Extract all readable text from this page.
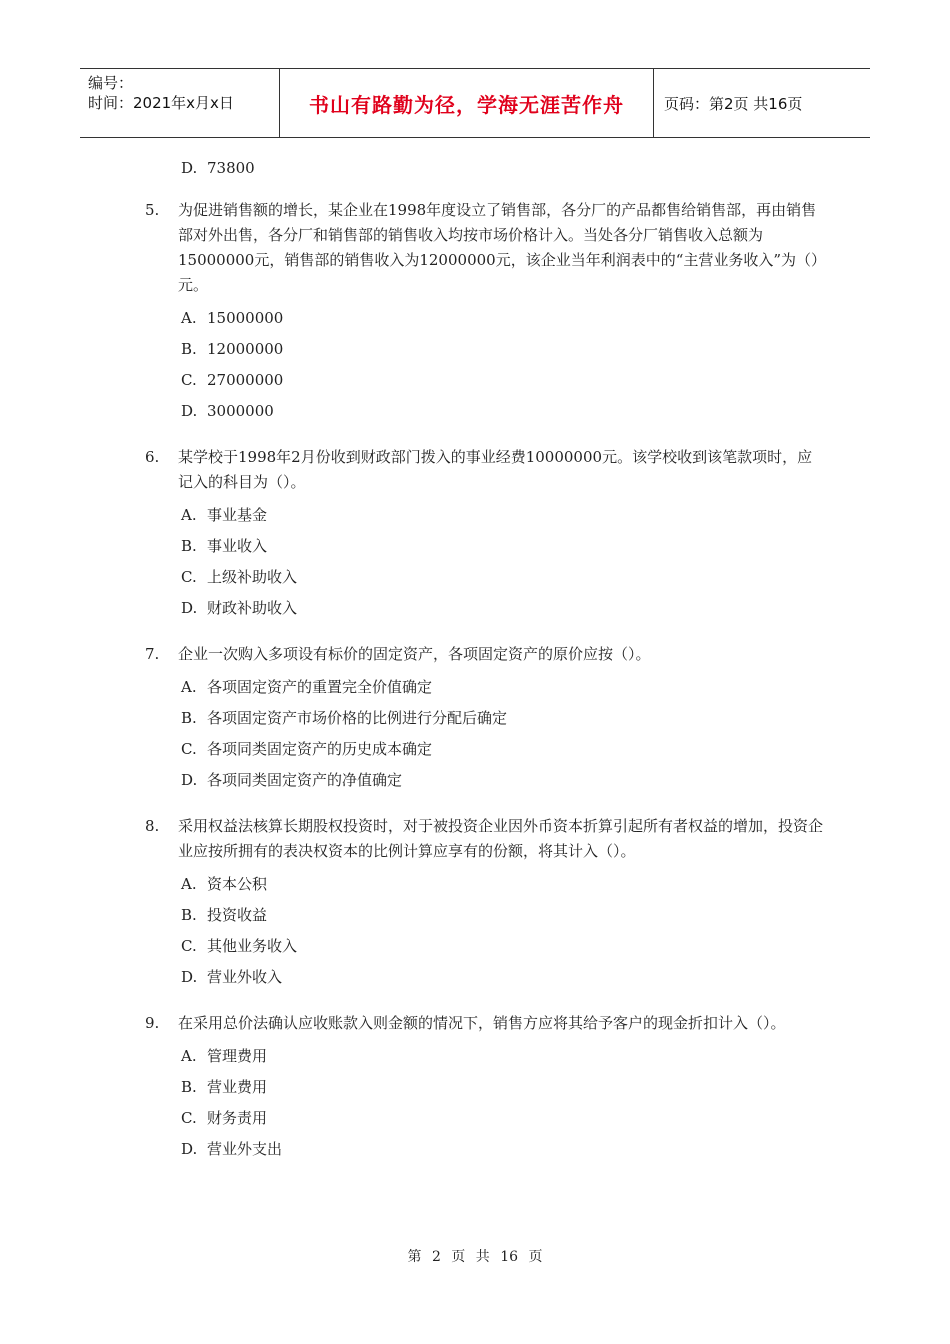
编号：
时间：2021年x月x日	书山有路勤为径，学海无涯苦作舟	页码：第2页 共16页
D. 73800
5.	为促进销售额的增长，某企业在1998年度设立了销售部，各分厂的产品都售给销售部，再由销售部对外出售，各分厂和销售部的销售收入均按市场价格计入。当处各分厂销售收入总额为15000000元，销售部的销售收入为12000000元，该企业当年利润表中的“主营业务收入”为（）元。
A. 15000000
B. 12000000
C. 27000000
D. 3000000
6.	某学校于1998年2月份收到财政部门拨入的事业经费10000000元。该学校收到该笔款项时，应记入的科目为（）。
A. 事业基金
B. 事业收入
C. 上级补助收入
D. 财政补助收入
7.	企业一次购入多项设有标价的固定资产，各项固定资产的原价应按（）。
A. 各项固定资产的重置完全价值确定
B. 各项固定资产市场价格的比例进行分配后确定
C. 各项同类固定资产的历史成本确定
D. 各项同类固定资产的净值确定
8.	采用权益法核算长期股权投资时，对于被投资企业因外币资本折算引起所有者权益的增加，投资企业应按所拥有的表决权资本的比例计算应享有的份额，将其计入（）。
A. 资本公积
B. 投资收益
C. 其他业务收入
D. 营业外收入
9.	在采用总价法确认应收账款入则金额的情况下，销售方应将其给予客户的现金折扣计入（）。
A. 管理费用
B. 营业费用
C. 财务责用
D. 营业外支出
第 2 页 共 16 页
